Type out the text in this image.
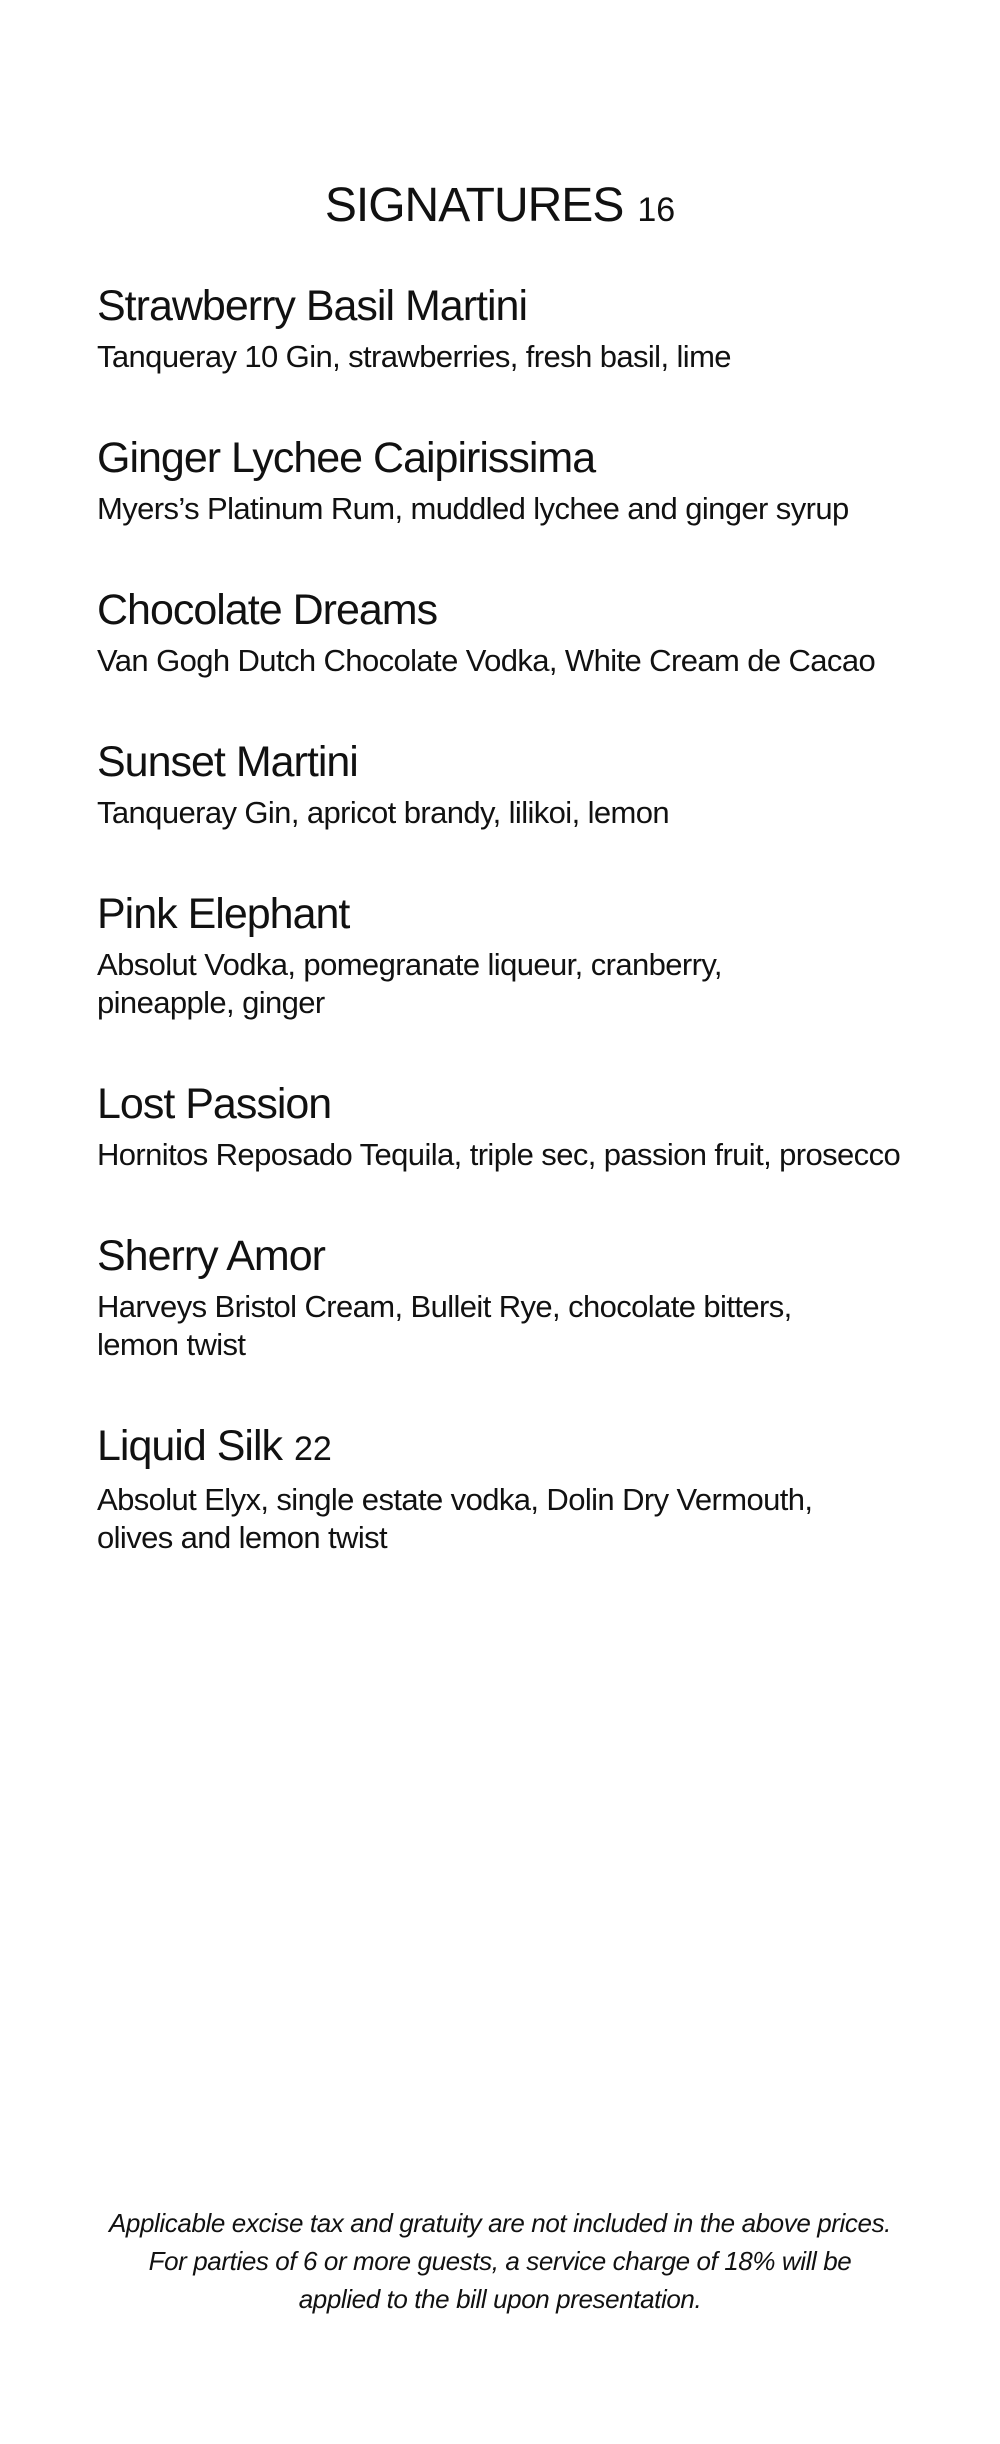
SIGNATURES 16
Strawberry Basil Martini
Tanqueray 10 Gin, strawberries, fresh basil, lime
Ginger Lychee Caipirissima
Myers’s Platinum Rum, muddled lychee and ginger syrup
Chocolate Dreams
Van Gogh Dutch Chocolate Vodka, White Cream de Cacao
Sunset Martini
Tanqueray Gin, apricot brandy, lilikoi, lemon
Pink Elephant
Absolut Vodka, pomegranate liqueur, cranberry,
pineapple, ginger
Lost Passion
Hornitos Reposado Tequila, triple sec, passion fruit, prosecco
Sherry Amor
Harveys Bristol Cream, Bulleit Rye, chocolate bitters,
lemon twist
Liquid Silk 22
Absolut Elyx, single estate vodka, Dolin Dry Vermouth,
olives and lemon twist
Applicable excise tax and gratuity are not included in the above prices.
For parties of 6 or more guests, a service charge of 18% will be
applied to the bill upon presentation.
